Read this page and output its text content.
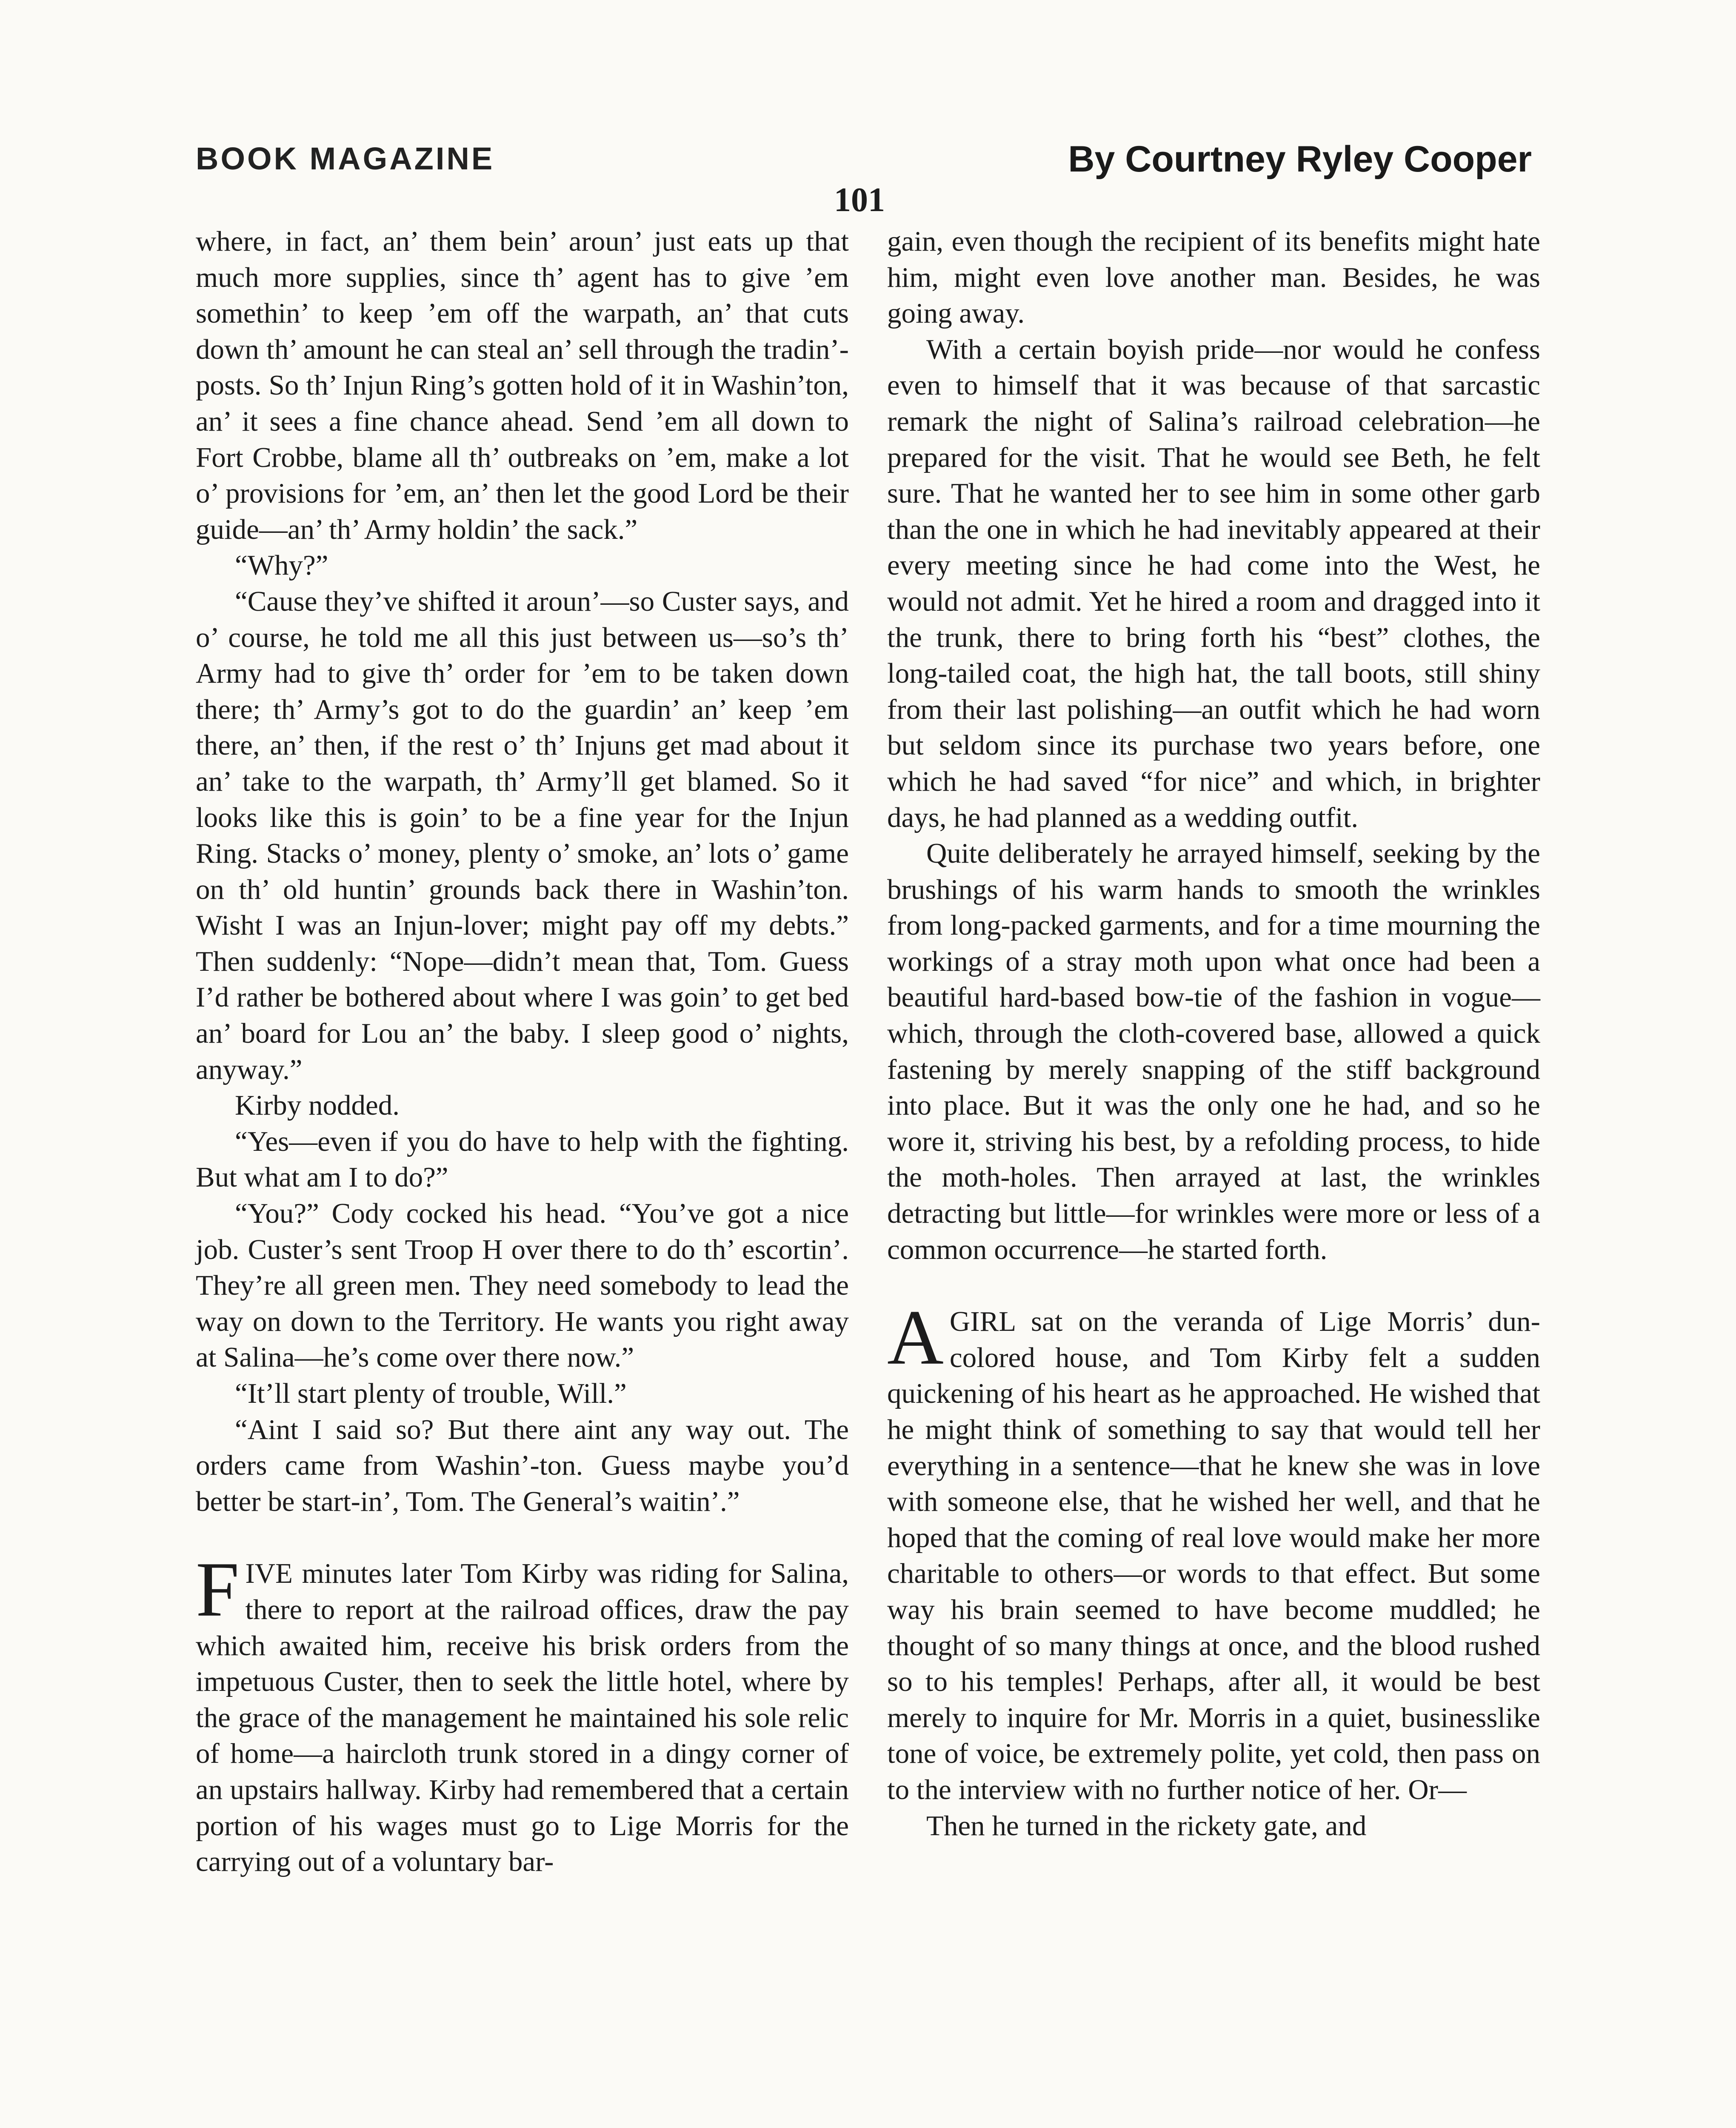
BOOK MAGAZINE	By Courtney Ryley Cooper
101

where, in fact, an’ them bein’ aroun’ just eats up that much more supplies, since th’ agent has to give ’em somethin’ to keep ’em off the warpath, an’ that cuts down th’ amount he can steal an’ sell through the tradin’-posts. So th’ Injun Ring’s gotten hold of it in Washin’ton, an’ it sees a fine chance ahead. Send ’em all down to Fort Crobbe, blame all th’ outbreaks on ’em, make a lot o’ provisions for ’em, an’ then let the good Lord be their guide—an’ th’ Army holdin’ the sack.”

“Why?”

“Cause they’ve shifted it aroun’—so Custer says, and o’ course, he told me all this just between us—so’s th’ Army had to give th’ order for ’em to be taken down there; th’ Army’s got to do the guardin’ an’ keep ’em there, an’ then, if the rest o’ th’ Injuns get mad about it an’ take to the warpath, th’ Army’ll get blamed. So it looks like this is goin’ to be a fine year for the Injun Ring. Stacks o’ money, plenty o’ smoke, an’ lots o’ game on th’ old huntin’ grounds back there in Washin’ton. Wisht I was an Injun-lover; might pay off my debts.” Then suddenly: “Nope—didn’t mean that, Tom. Guess I’d rather be bothered about where I was goin’ to get bed an’ board for Lou an’ the baby. I sleep good o’ nights, anyway.”

Kirby nodded.

“Yes—even if you do have to help with the fighting. But what am I to do?”

“You?” Cody cocked his head. “You’ve got a nice job. Custer’s sent Troop H over there to do th’ escortin’. They’re all green men. They need somebody to lead the way on down to the Territory. He wants you right away at Salina—he’s come over there now.”

“It’ll start plenty of trouble, Will.”

“Aint I said so? But there aint any way out. The orders came from Washin’-ton. Guess maybe you’d better be start-in’, Tom. The General’s waitin’.”

FIVE minutes later Tom Kirby was riding for Salina, there to report at the railroad offices, draw the pay which awaited him, receive his brisk orders from the impetuous Custer, then to seek the little hotel, where by the grace of the management he maintained his sole relic of home—a haircloth trunk stored in a dingy corner of an upstairs hallway. Kirby had remembered that a certain portion of his wages must go to Lige Morris for the carrying out of a voluntary bar-

gain, even though the recipient of its benefits might hate him, might even love another man. Besides, he was going away.

With a certain boyish pride—nor would he confess even to himself that it was because of that sarcastic remark the night of Salina’s railroad celebration—he prepared for the visit. That he would see Beth, he felt sure. That he wanted her to see him in some other garb than the one in which he had inevitably appeared at their every meeting since he had come into the West, he would not admit. Yet he hired a room and dragged into it the trunk, there to bring forth his “best” clothes, the long-tailed coat, the high hat, the tall boots, still shiny from their last polishing—an outfit which he had worn but seldom since its purchase two years before, one which he had saved “for nice” and which, in brighter days, he had planned as a wedding outfit.

Quite deliberately he arrayed himself, seeking by the brushings of his warm hands to smooth the wrinkles from long-packed garments, and for a time mourning the workings of a stray moth upon what once had been a beautiful hard-based bow-tie of the fashion in vogue—which, through the cloth-covered base, allowed a quick fastening by merely snapping of the stiff background into place. But it was the only one he had, and so he wore it, striving his best, by a refolding process, to hide the moth-holes. Then arrayed at last, the wrinkles detracting but little—for wrinkles were more or less of a common occurrence—he started forth.

AGIRL sat on the veranda of Lige Morris’ dun-colored house, and Tom Kirby felt a sudden quickening of his heart as he approached. He wished that he might think of something to say that would tell her everything in a sentence—that he knew she was in love with someone else, that he wished her well, and that he hoped that the coming of real love would make her more charitable to others—or words to that effect. But some way his brain seemed to have become muddled; he thought of so many things at once, and the blood rushed so to his temples! Perhaps, after all, it would be best merely to inquire for Mr. Morris in a quiet, businesslike tone of voice, be extremely polite, yet cold, then pass on to the interview with no further notice of her. Or—

Then he turned in the rickety gate, and
